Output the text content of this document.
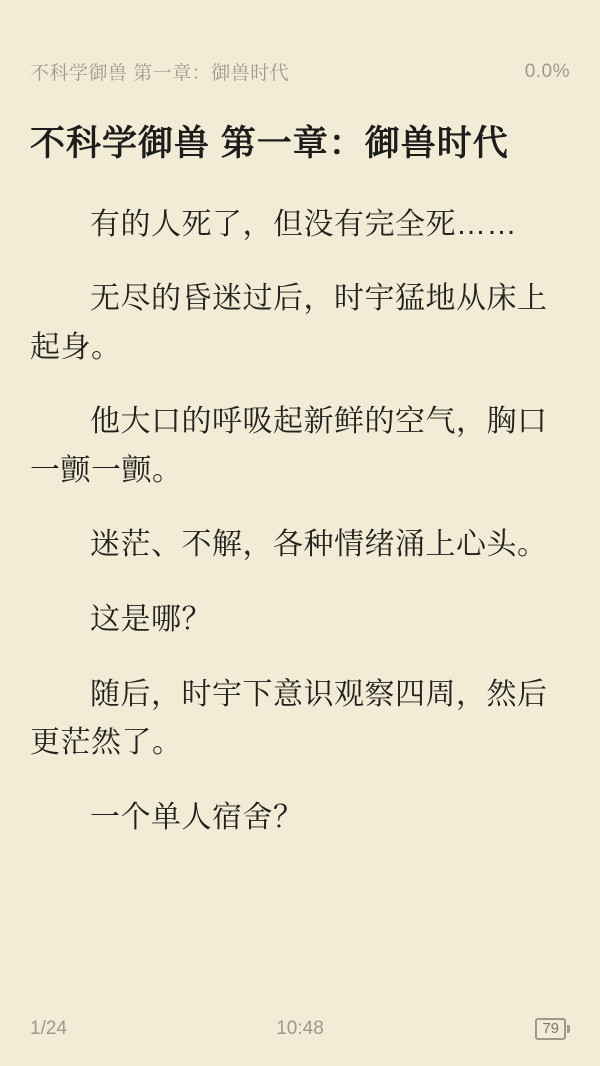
不科学御兽 第一章：御兽时代	0.0%
不科学御兽 第一章：御兽时代

有的人死了，但没有完全死……

无尽的昏迷过后，时宇猛地从床上起身。

他大口的呼吸起新鲜的空气，胸口一颤一颤。

迷茫、不解，各种情绪涌上心头。

这是哪？

随后，时宇下意识观察四周，然后更茫然了。

一个单人宿舍？

1/24	10:48	79
